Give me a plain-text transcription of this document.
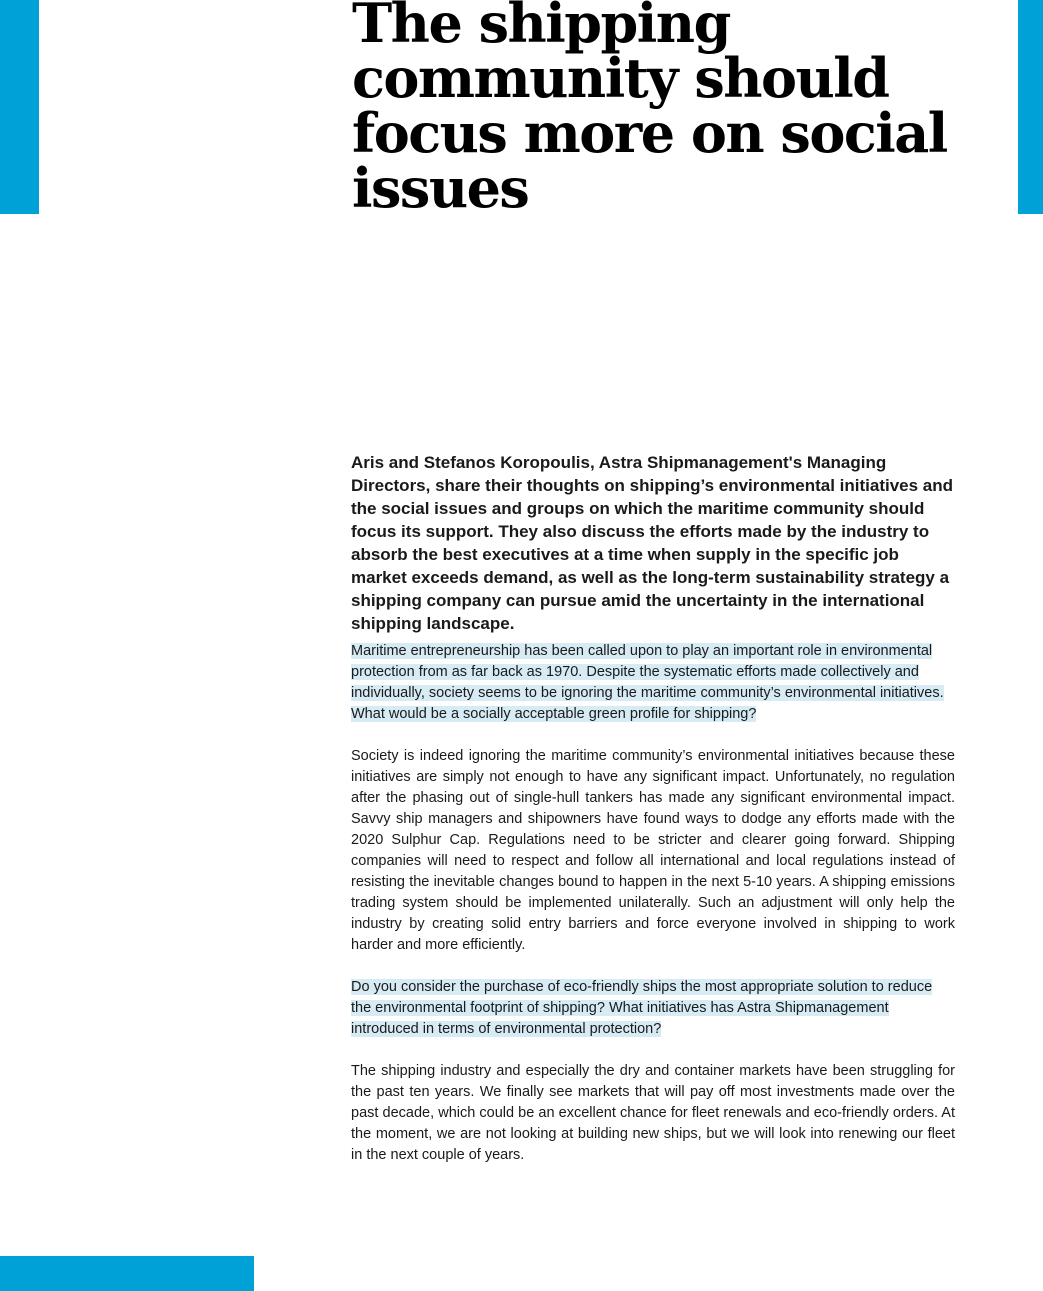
The shipping community should focus more on social issues

Aris and Stefanos Koropoulis, Astra Shipmanagement's Managing Directors, share their thoughts on shipping’s environmental initiatives and the social issues and groups on which the maritime community should focus its support. They also discuss the efforts made by the industry to absorb the best executives at a time when supply in the specific job market exceeds demand, as well as the long-term sustainability strategy a shipping company can pursue amid the uncertainty in the international shipping landscape.

Maritime entrepreneurship has been called upon to play an important role in environmental protection from as far back as 1970. Despite the systematic efforts made collectively and individually, society seems to be ignoring the maritime community’s environmental initiatives. What would be a socially acceptable green profile for shipping?

Society is indeed ignoring the maritime community’s environmental initiatives because these initiatives are simply not enough to have any significant impact. Unfortunately, no regulation after the phasing out of single-hull tankers has made any significant environmental impact. Savvy ship managers and shipowners have found ways to dodge any efforts made with the 2020 Sulphur Cap. Regulations need to be stricter and clearer going forward. Shipping companies will need to respect and follow all international and local regulations instead of resisting the inevitable changes bound to happen in the next 5-10 years. A shipping emissions trading system should be implemented unilaterally. Such an adjustment will only help the industry by creating solid entry barriers and force everyone involved in shipping to work harder and more efficiently.

Do you consider the purchase of eco-friendly ships the most appropriate solution to reduce the environmental footprint of shipping? What initiatives has Astra Shipmanagement introduced in terms of environmental protection?

The shipping industry and especially the dry and container markets have been struggling for the past ten years. We finally see markets that will pay off most investments made over the past decade, which could be an excellent chance for fleet renewals and eco-friendly orders. At the moment, we are not looking at building new ships, but we will look into renewing our fleet in the next couple of years.
